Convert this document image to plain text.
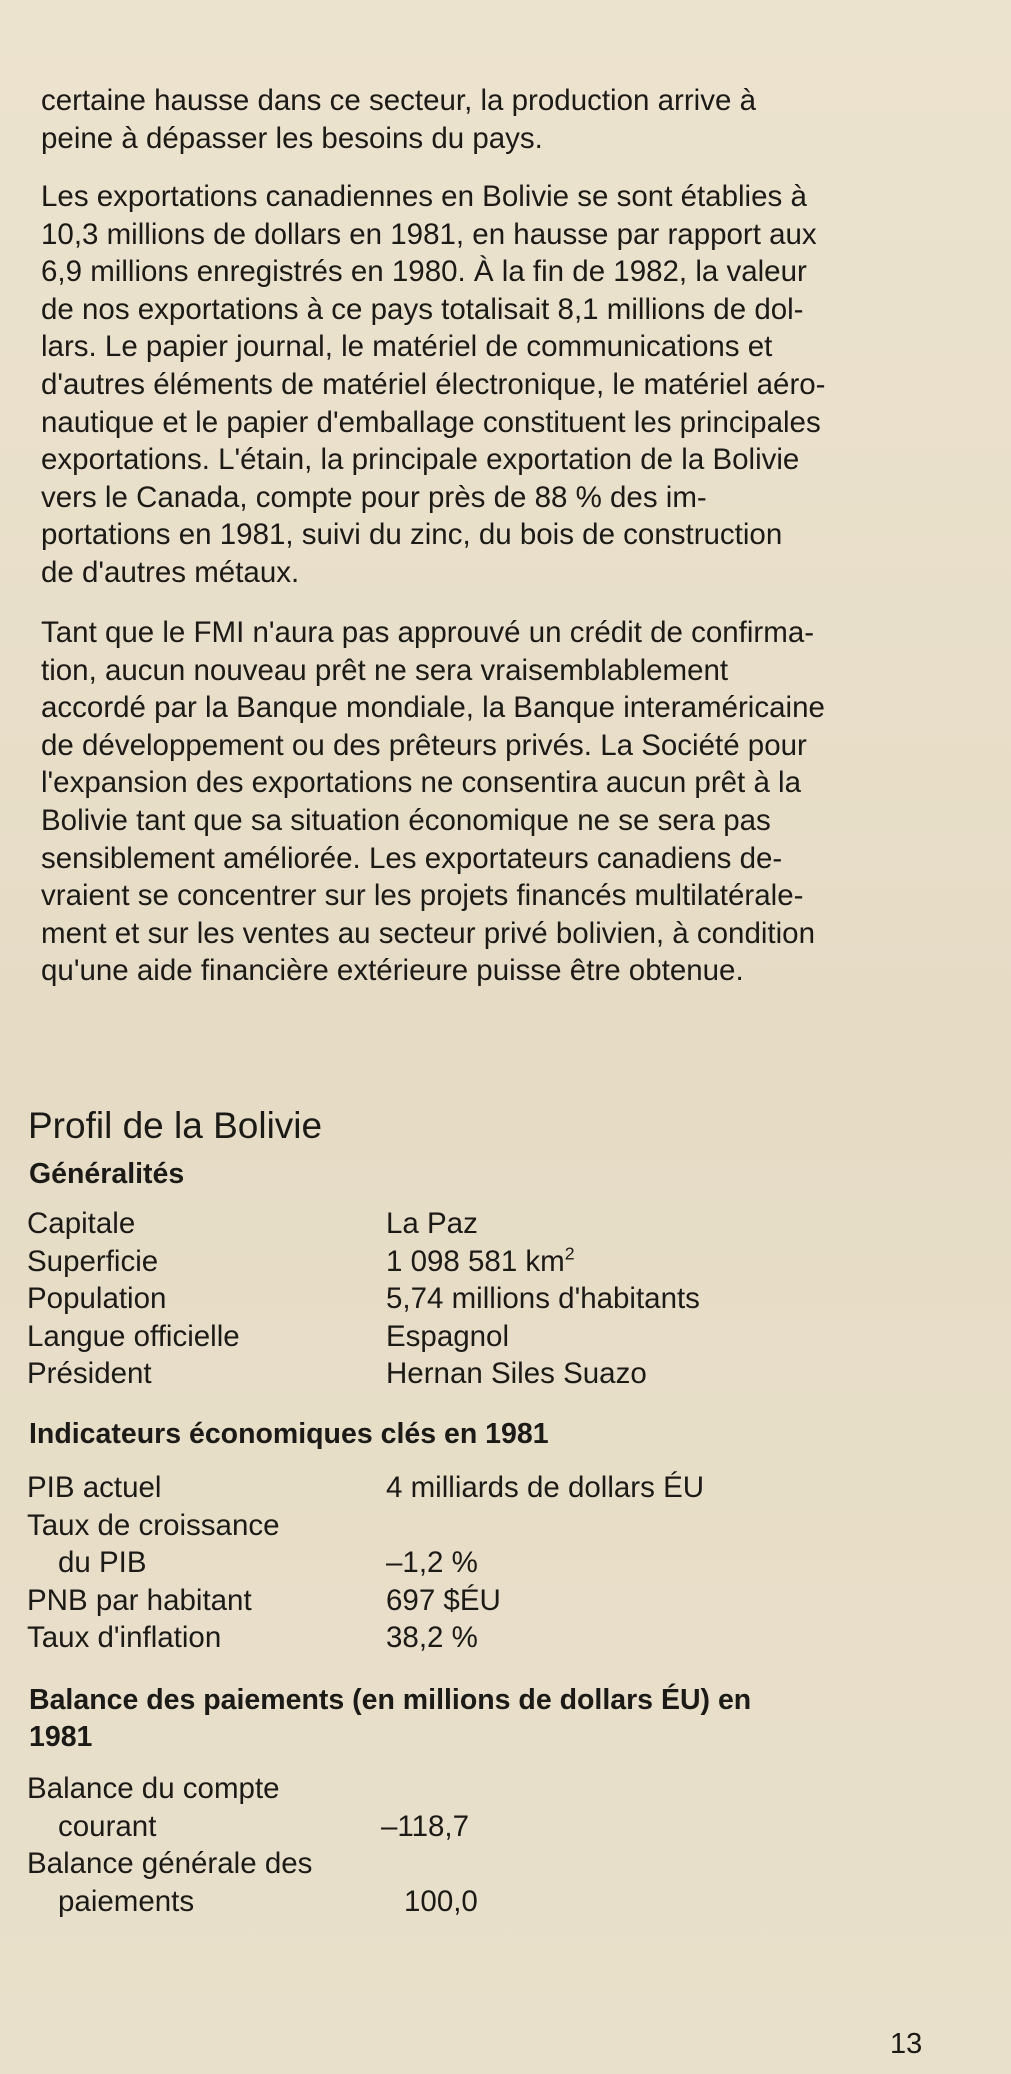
certaine hausse dans ce secteur, la production arrive à
peine à dépasser les besoins du pays.

Les exportations canadiennes en Bolivie se sont établies à
10,3 millions de dollars en 1981, en hausse par rapport aux
6,9 millions enregistrés en 1980. À la fin de 1982, la valeur
de nos exportations à ce pays totalisait 8,1 millions de dol-
lars. Le papier journal, le matériel de communications et
d'autres éléments de matériel électronique, le matériel aéro-
nautique et le papier d'emballage constituent les principales
exportations. L'étain, la principale exportation de la Bolivie
vers le Canada, compte pour près de 88 % des im-
portations en 1981, suivi du zinc, du bois de construction
de d'autres métaux.

Tant que le FMI n'aura pas approuvé un crédit de confirma-
tion, aucun nouveau prêt ne sera vraisemblablement
accordé par la Banque mondiale, la Banque interaméricaine
de développement ou des prêteurs privés. La Société pour
l'expansion des exportations ne consentira aucun prêt à la
Bolivie tant que sa situation économique ne se sera pas
sensiblement améliorée. Les exportateurs canadiens de-
vraient se concentrer sur les projets financés multilatérale-
ment et sur les ventes au secteur privé bolivien, à condition
qu'une aide financière extérieure puisse être obtenue.

Profil de la Bolivie
Généralités
Capitale	La Paz
Superficie	1 098 581 $km^2$
Population	5,74 millions d'habitants
Langue officielle	Espagnol
Président	Hernan Siles Suazo
Indicateurs économiques clés en 1981
PIB actuel	4 milliards de dollars ÉU
Taux de croissance
du PIB	–1,2 %
PNB par habitant	697 $ÉU
Taux d'inflation	38,2 %
Balance des paiements (en millions de dollars ÉU) en
1981
Balance du compte
courant	–118,7
Balance générale des
paiements	100,0
13
